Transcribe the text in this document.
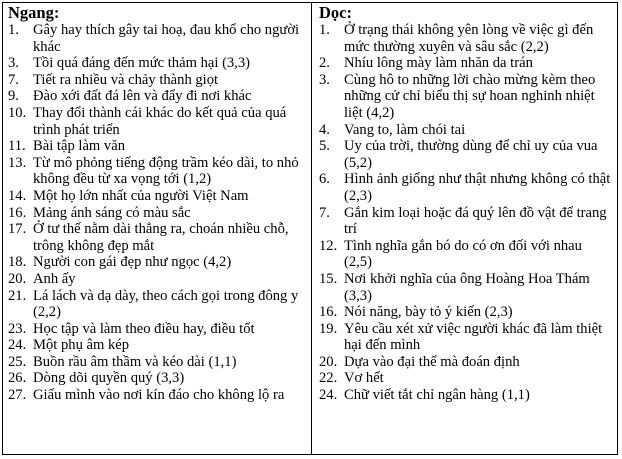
Ngang:
1. Gây hay thích gây tai hoạ, đau khổ cho người khác
3. Tồi quá đáng đến mức thảm hại (3,3)
7. Tiết ra nhiều và chảy thành giọt
9. Đào xới đất đá lên và đẩy đi nơi khác
10. Thay đổi thành cái khác do kết quả của quá trình phát triển
11. Bài tập làm văn
13. Từ mô phỏng tiếng động trầm kéo dài, to nhỏ không đều từ xa vọng tới (1,2)
14. Một họ lớn nhất của người Việt Nam
16. Mảng ánh sáng có màu sắc
17. Ở tư thế nằm dài thẳng ra, choán nhiều chỗ, trông không đẹp mắt
18. Người con gái đẹp như ngọc (4,2)
20. Anh ấy
21. Lá lách và dạ dày, theo cách gọi trong đông y (2,2)
23. Học tập và làm theo điều hay, điều tốt
24. Một phụ âm kép
25. Buồn rầu âm thầm và kéo dài (1,1)
26. Dòng dõi quyền quý (3,3)
27. Giấu mình vào nơi kín đáo cho không lộ ra
Dọc:
1. Ở trạng thái không yên lòng về việc gì đến mức thường xuyên và sâu sắc (2,2)
2. Nhíu lông mày làm nhăn da trán
3. Cùng hô to những lời chào mừng kèm theo những cử chỉ biểu thị sự hoan nghinh nhiệt liệt (4,2)
4. Vang to, làm chói tai
5. Uy của trời, thường dùng để chỉ uy của vua (5,2)
6. Hình ảnh giống như thật nhưng không có thật (2,3)
7. Gắn kim loại hoặc đá quý lên đồ vật để trang trí
12. Tình nghĩa gắn bó do có ơn đối với nhau (2,5)
15. Nơi khởi nghĩa của ông Hoàng Hoa Thám (3,3)
16. Nói năng, bày tỏ ý kiến (2,3)
19. Yêu cầu xét xử việc người khác đã làm thiệt hại đến mình
20. Dựa vào đại thể mà đoán định
22. Vơ hết
24. Chữ viết tắt chỉ ngân hàng (1,1)
